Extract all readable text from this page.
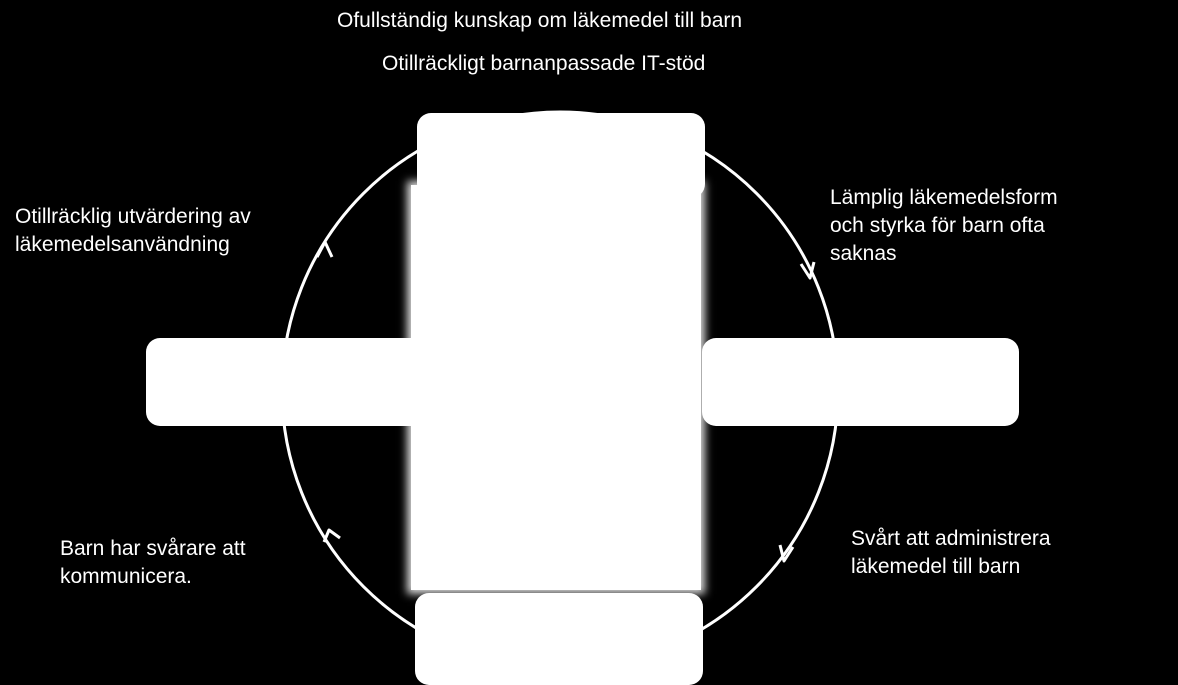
Ofullständig kunskap om läkemedel till barn
Otillräckligt barnanpassade IT-stöd
Otillräcklig utvärdering av
läkemedelsanvändning
Lämplig läkemedelsform
och styrka för barn ofta
saknas
Barn har svårare att
kommunicera.
Svårt att administrera
läkemedel till barn
